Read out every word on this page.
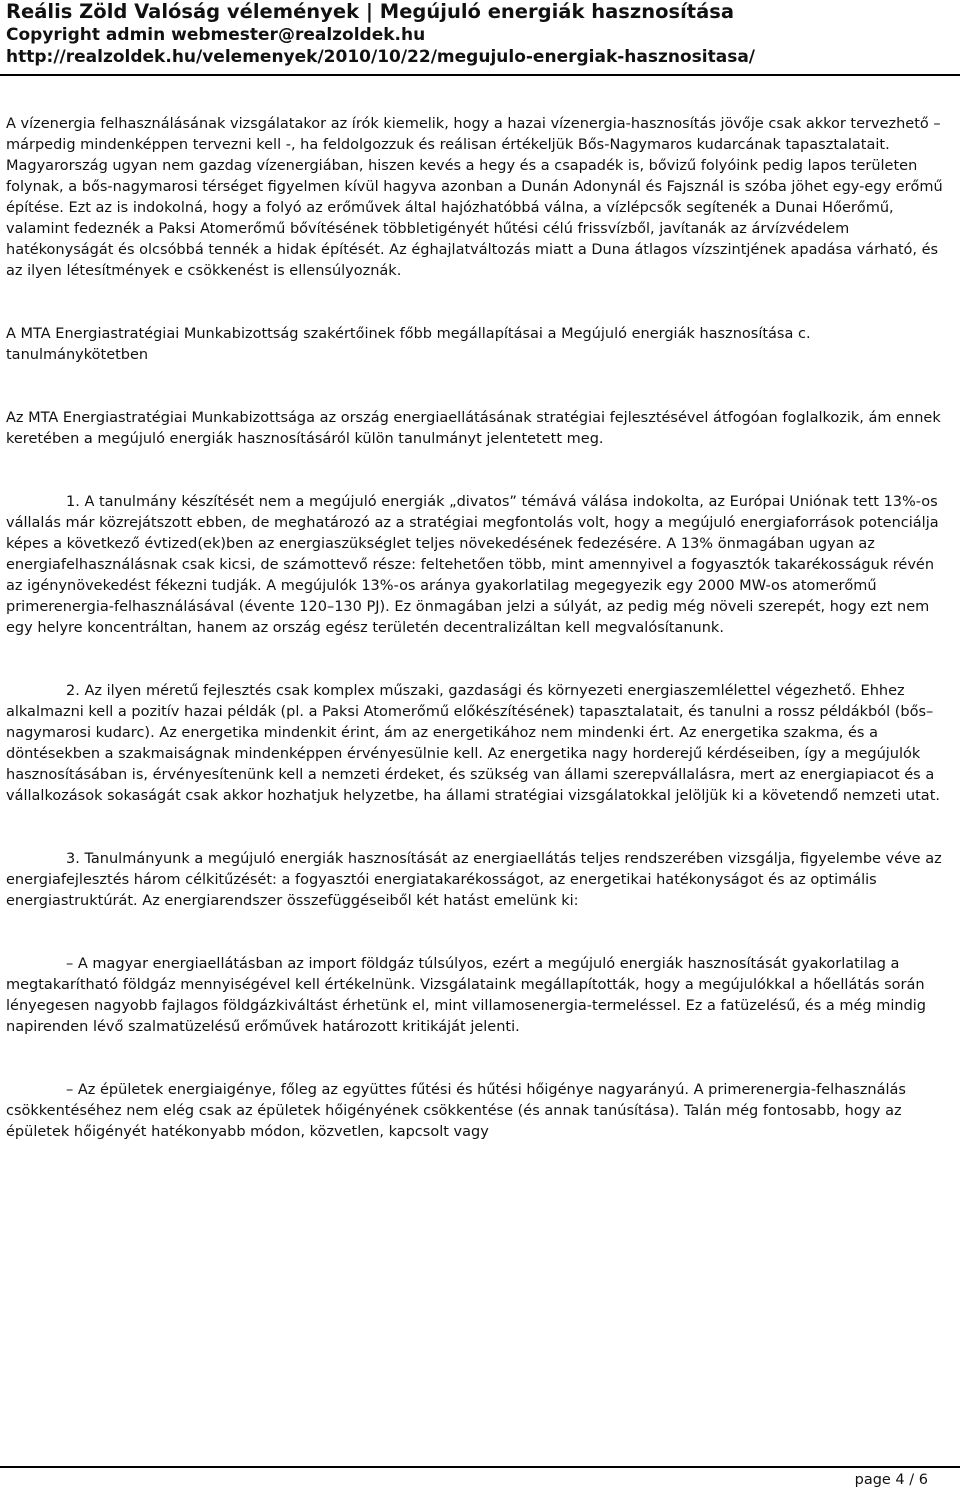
Reális Zöld Valóság vélemények | Megújuló energiák hasznosítása
Copyright admin webmester@realzoldek.hu
http://realzoldek.hu/velemenyek/2010/10/22/megujulo-energiak-hasznositasa/

A vízenergia felhasználásának vizsgálatakor az írók kiemelik, hogy a hazai vízenergia-hasznosítás jövője csak akkor tervezhető – márpedig mindenképpen tervezni kell -, ha feldolgozzuk és reálisan értékeljük Bős-Nagymaros kudarcának tapasztalatait. Magyarország ugyan nem gazdag vízenergiában, hiszen kevés a hegy és a csapadék is, bővizű folyóink pedig lapos területen folynak, a bős-nagymarosi térséget figyelmen kívül hagyva azonban a Dunán Adonynál és Fajsznál is szóba jöhet egy-egy erőmű építése. Ezt az is indokolná, hogy a folyó az erőművek által hajózhatóbbá válna, a vízlépcsők segítenék a Dunai Hőerőmű, valamint fedeznék a Paksi Atomerőmű bővítésének többletigényét hűtési célú frissvízből, javítanák az árvízvédelem hatékonyságát és olcsóbbá tennék a hidak építését. Az éghajlatváltozás miatt a Duna átlagos vízszintjének apadása várható, és az ilyen létesítmények e csökkenést is ellensúlyoznák.

A MTA Energiastratégiai Munkabizottság szakértőinek főbb megállapításai a Megújuló energiák hasznosítása c. tanulmánykötetben

Az MTA Energiastratégiai Munkabizottsága az ország energiaellátásának stratégiai fejlesztésével átfogóan foglalkozik, ám ennek keretében a megújuló energiák hasznosításáról külön tanulmányt jelentetett meg.

1. A tanulmány készítését nem a megújuló energiák „divatos” témává válása indokolta, az Európai Uniónak tett 13%-os vállalás már közrejátszott ebben, de meghatározó az a stratégiai megfontolás volt, hogy a megújuló energiaforrások potenciálja képes a következő évtized(ek)ben az energiaszükséglet teljes növekedésének fedezésére. A 13% önmagában ugyan az energiafelhasználásnak csak kicsi, de számottevő része: feltehetően több, mint amennyivel a fogyasztók takarékosságuk révén az igénynövekedést fékezni tudják. A megújulók 13%-os aránya gyakorlatilag megegyezik egy 2000 MW-os atomerőmű primerenergia-felhasználásával (évente 120–130 PJ). Ez önmagában jelzi a súlyát, az pedig még növeli szerepét, hogy ezt nem egy helyre koncentráltan, hanem az ország egész területén decentralizáltan kell megvalósítanunk.

2. Az ilyen méretű fejlesztés csak komplex műszaki, gazdasági és környezeti energiaszemlélettel végezhető. Ehhez alkalmazni kell a pozitív hazai példák (pl. a Paksi Atomerőmű előkészítésének) tapasztalatait, és tanulni a rossz példákból (bős–nagymarosi kudarc). Az energetika mindenkit érint, ám az energetikához nem mindenki ért. Az energetika szakma, és a döntésekben a szakmaiságnak mindenképpen érvényesülnie kell. Az energetika nagy horderejű kérdéseiben, így a megújulók hasznosításában is, érvényesítenünk kell a nemzeti érdeket, és szükség van állami szerepvállalásra, mert az energiapiacot és a vállalkozások sokaságát csak akkor hozhatjuk helyzetbe, ha állami stratégiai vizsgálatokkal jelöljük ki a követendő nemzeti utat.

3. Tanulmányunk a megújuló energiák hasznosítását az energiaellátás teljes rendszerében vizsgálja, figyelembe véve az energiafejlesztés három célkitűzését: a fogyasztói energiatakarékosságot, az energetikai hatékonyságot és az optimális energiastruktúrát. Az energiarendszer összefüggéseiből két hatást emelünk ki:

– A magyar energiaellátásban az import földgáz túlsúlyos, ezért a megújuló energiák hasznosítását gyakorlatilag a megtakarítható földgáz mennyiségével kell értékelnünk. Vizsgálataink megállapították, hogy a megújulókkal a hőellátás során lényegesen nagyobb fajlagos földgázkiváltást érhetünk el, mint villamosenergia-termeléssel. Ez a fatüzelésű, és a még mindig napirenden lévő szalmatüzelésű erőművek határozott kritikáját jelenti.

– Az épületek energiaigénye, főleg az együttes fűtési és hűtési hőigénye nagyarányú. A primerenergia-felhasználás csökkentéséhez nem elég csak az épületek hőigényének csökkentése (és annak tanúsítása). Talán még fontosabb, hogy az épületek hőigényét hatékonyabb módon, közvetlen, kapcsolt vagy

page 4 / 6
